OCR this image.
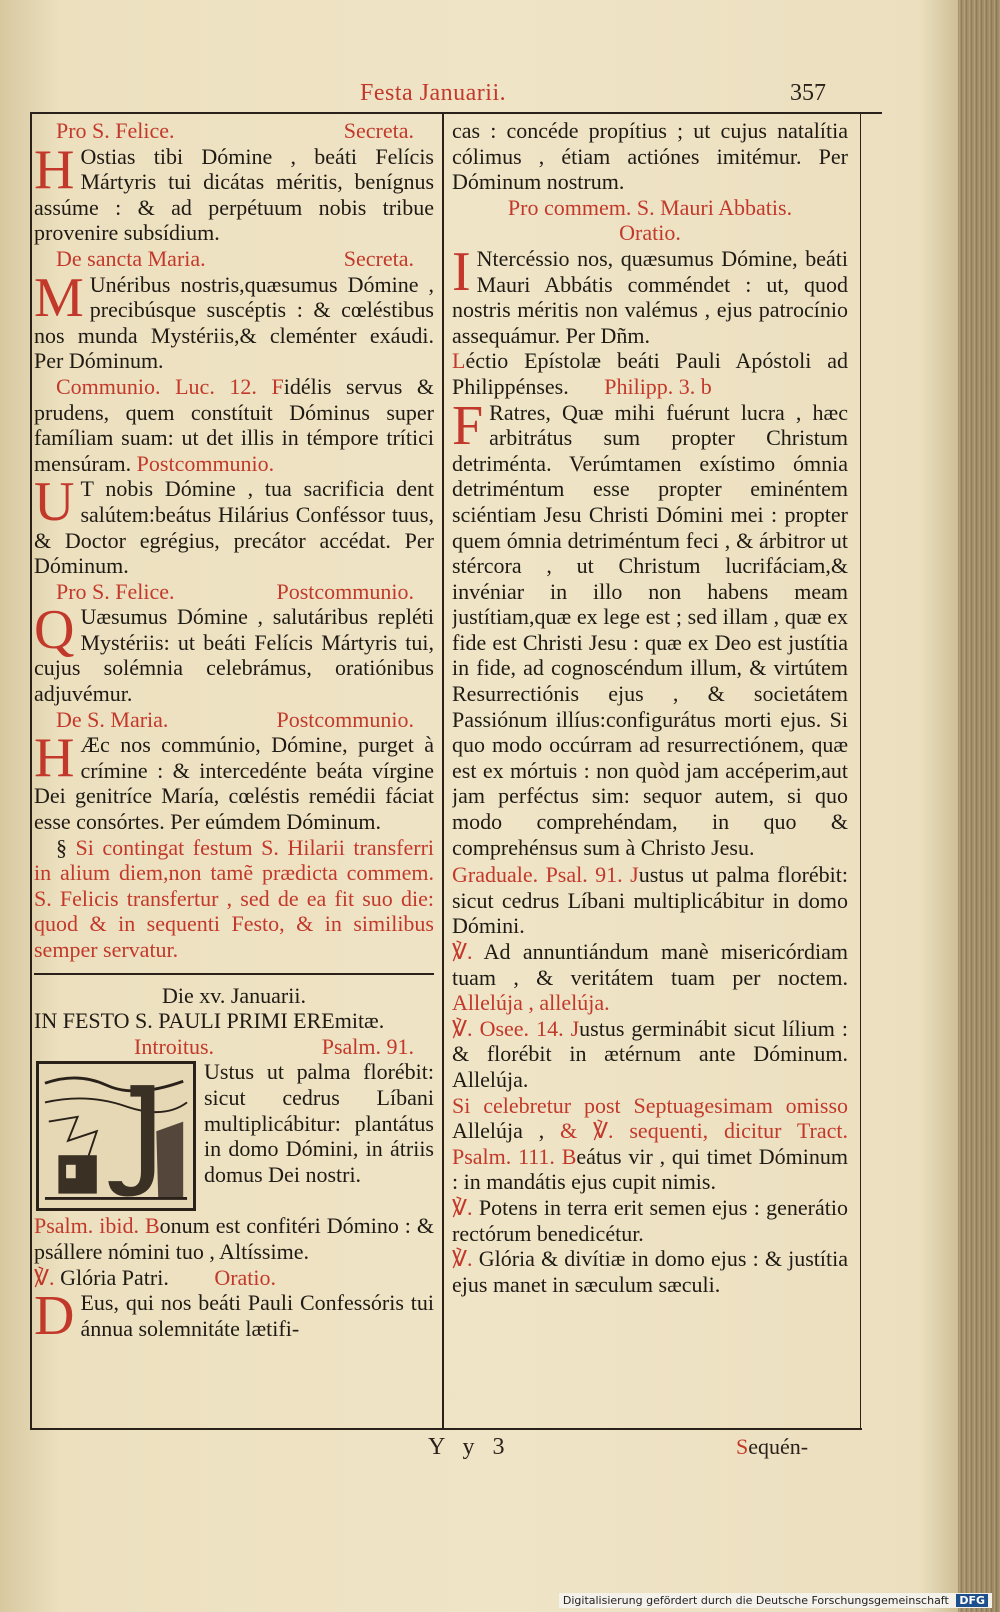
Festa Januarii.	357
Pro S. Felice.	Secreta.

H Ostias tibi Dómine , beáti Felícis Mártyris tui dicátas méritis, benígnus assúme : & ad perpétuum nobis tribue provenire subsídium.

De sancta Maria.	Secreta.

M Unéribus nostris,quæsumus Dómine , precibúsque suscéptis : & cœléstibus nos munda Mystériis,& cleménter exáudi. Per Dóminum.

Communio. Luc. 12. Fidélis servus & prudens, quem constítuit Dóminus super famíliam suam: ut det illis in témpore trítici mensúram. Postcommunio.

U T nobis Dómine , tua sacrificia dent salútem:beátus Hilárius Conféssor tuus, & Doctor egrégius, precátor accédat. Per Dóminum.

Pro S. Felice.	Postcommunio.

Q Uæsumus Dómine , salutáribus repléti Mystériis: ut beáti Felícis Mártyris tui, cujus solémnia celebrámus, oratiónibus adjuvémur.

De S. Maria.	Postcommunio.

H Æc nos commúnio, Dómine, purget à crímine : & intercedénte beáta vírgine Dei genitríce María, cœléstis remédii fáciat esse consórtes. Per eúmdem Dóminum.

§ Si contingat festum S. Hilarii transferri in alium diem,non tamẽ prædicta commem. S. Felicis transfertur , sed de ea fit suo die: quod & in sequenti Festo, & in similibus semper servatur.

Die xv. Januarii.

IN FESTO S. PAULI PRIMI EREmitæ.

Introitus.	Psalm. 91.

Ustus ut palma florébit: sicut cedrus Líbani multiplicábitur: plantátus in domo Dómini, in átriis domus Dei nostri.

Psalm. ibid. Bonum est confitéri Dómino : & psállere nómini tuo , Altíssime.

℣. Glória Patri. Oratio.

D Eus, qui nos beáti Pauli Confessóris tui ánnua solemnitáte lætifi-

cas : concéde propítius ; ut cujus natalítia cólimus , étiam actiónes imitémur. Per Dóminum nostrum.

Pro commem. S. Mauri Abbatis.

Oratio.

I Ntercéssio nos, quæsumus Dómine, beáti Mauri Abbátis comméndet : ut, quod nostris méritis non valémus , ejus patrocínio assequámur. Per Dñm.

Léctio Epístolæ beáti Pauli Apóstoli ad Philippénses. Philipp. 3. b

F Ratres, Quæ mihi fuérunt lucra , hæc arbitrátus sum propter Christum detriménta. Verúmtamen exístimo ómnia detriméntum esse propter eminéntem sciéntiam Jesu Christi Dómini mei : propter quem ómnia detriméntum feci , & árbitror ut stércora , ut Christum lucrifáciam,& invéniar in illo non habens meam justítiam,quæ ex lege est ; sed illam , quæ ex fide est Christi Jesu : quæ ex Deo est justítia in fide, ad cognoscéndum illum, & virtútem Resurrectiónis ejus , & societátem Passiónum illíus:configurátus morti ejus. Si quo modo occúrram ad resurrectiónem, quæ est ex mórtuis : non quòd jam accéperim,aut jam perféctus sim: sequor autem, si quo modo comprehéndam, in quo & comprehénsus sum à Christo Jesu.

Graduale. Psal. 91. Justus ut palma florébit: sicut cedrus Líbani multiplicábitur in domo Dómini.

℣. Ad annuntiándum manè misericórdiam tuam , & veritátem tuam per noctem. Allelúja , allelúja.

℣. Osee. 14. Justus germinábit sicut lílium : & florébit in ætérnum ante Dóminum. Allelúja.

Si celebretur post Septuagesimam omisso Allelúja , & ℣. sequenti, dicitur Tract. Psalm. 111. Beátus vir , qui timet Dóminum : in mandátis ejus cupit nimis.

℣. Potens in terra erit semen ejus : generátio rectórum benedicétur.

℣. Glória & divítiæ in domo ejus : & justítia ejus manet in sæculum sæculi.

Y y 3	Sequén-
Digitalisierung gefördert durch die Deutsche Forschungsgemeinschaft DFG
